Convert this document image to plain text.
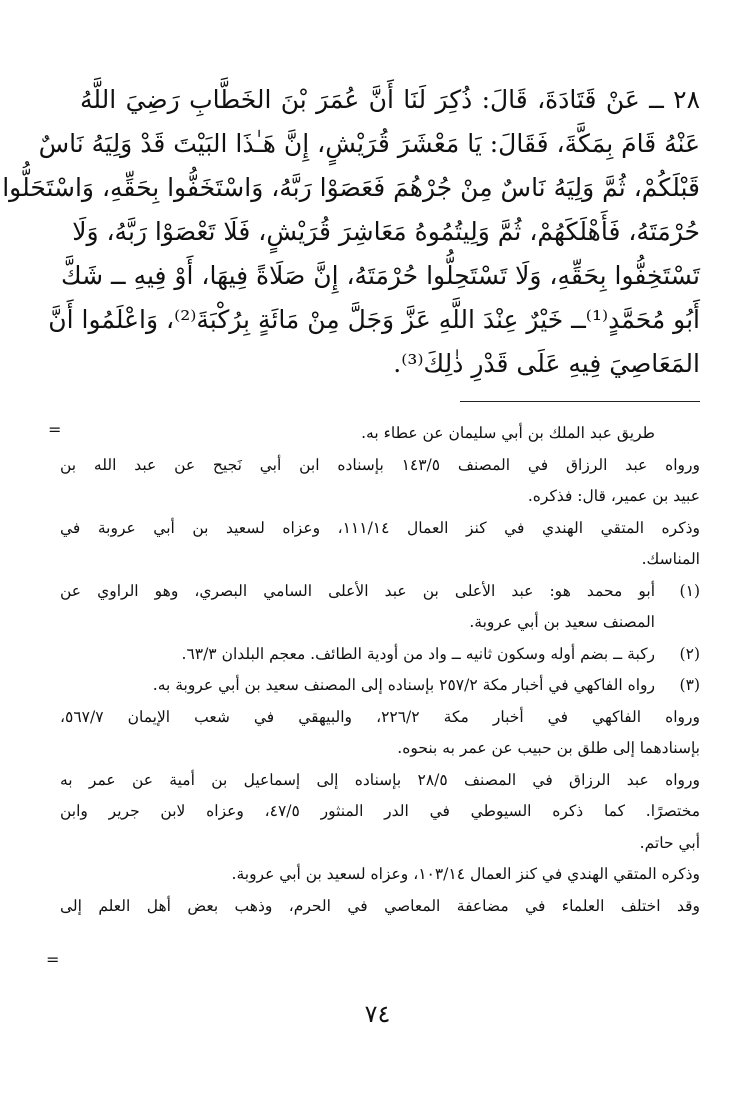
٢٨ ــ عَنْ قَتَادَةَ، قَالَ: ذُكِرَ لَنَا أَنَّ عُمَرَ بْنَ الخَطَّابِ رَضِيَ اللَّهُ
عَنْهُ قَامَ بِمَكَّةَ، فَقَالَ: يَا مَعْشَرَ قُرَيْشٍ، إِنَّ هَـٰذَا البَيْتَ قَدْ وَلِيَهُ نَاسٌ
قَبْلَكُمْ، ثُمَّ وَلِيَهُ نَاسٌ مِنْ جُرْهُمَ فَعَصَوْا رَبَّهُ، وَاسْتَخَفُّوا بِحَقِّهِ، وَاسْتَحَلُّوا
حُرْمَتَهُ، فَأَهْلَكَهُمْ، ثُمَّ وَلِيتُمُوهُ مَعَاشِرَ قُرَيْشٍ، فَلَا تَعْصَوْا رَبَّهُ، وَلَا
تَسْتَخِفُّوا بِحَقِّهِ، وَلَا تَسْتَحِلُّوا حُرْمَتَهُ، إِنَّ صَلَاةً فِيهَا، أَوْ فِيهِ ــ شَكَّ
أَبُو مُحَمَّدٍ⁽¹⁾ــ خَيْرٌ عِنْدَ اللَّهِ عَزَّ وَجَلَّ مِنْ مَائَةٍ بِرُكْبَةَ⁽²⁾، وَاعْلَمُوا أَنَّ
المَعَاصِيَ فِيهِ عَلَى قَدْرِ ذٰلِكَ⁽³⁾.
=	طريق عبد الملك بن أبي سليمان عن عطاء به.
ورواه عبد الرزاق في المصنف ١٤٣/٥ بإسناده ابن أبي نَجيح عن عبد الله بن
عبيد بن عمير، قال: فذكره.
وذكره المتقي الهندي في كنز العمال ١١١/١٤، وعزاه لسعيد بن أبي عروبة في
المناسك.
(١)
أبو محمد هو: عبد الأعلى بن عبد الأعلى السامي البصري، وهو الراوي عن
المصنف سعيد بن أبي عروبة.
(٢)
ركبة ــ بضم أوله وسكون ثانيه ــ واد من أودية الطائف. معجم البلدان ٦٣/٣.
(٣)
رواه الفاكهي في أخبار مكة ٢٥٧/٢ بإسناده إلى المصنف سعيد بن أبي عروبة به.
ورواه الفاكهي في أخبار مكة ٢٢٦/٢، والبيهقي في شعب الإيمان ٥٦٧/٧،
بإسنادهما إلى طلق بن حبيب عن عمر به بنحوه.
ورواه عبد الرزاق في المصنف ٢٨/٥ بإسناده إلى إسماعيل بن أمية عن عمر به
مختصرًا. كما ذكره السيوطي في الدر المنثور ٤٧/٥، وعزاه لابن جرير وابن
أبي حاتم.
وذكره المتقي الهندي في كنز العمال ١٠٣/١٤، وعزاه لسعيد بن أبي عروبة.
وقد اختلف العلماء في مضاعفة المعاصي في الحرم، وذهب بعض أهل العلم إلى
=
٧٤
